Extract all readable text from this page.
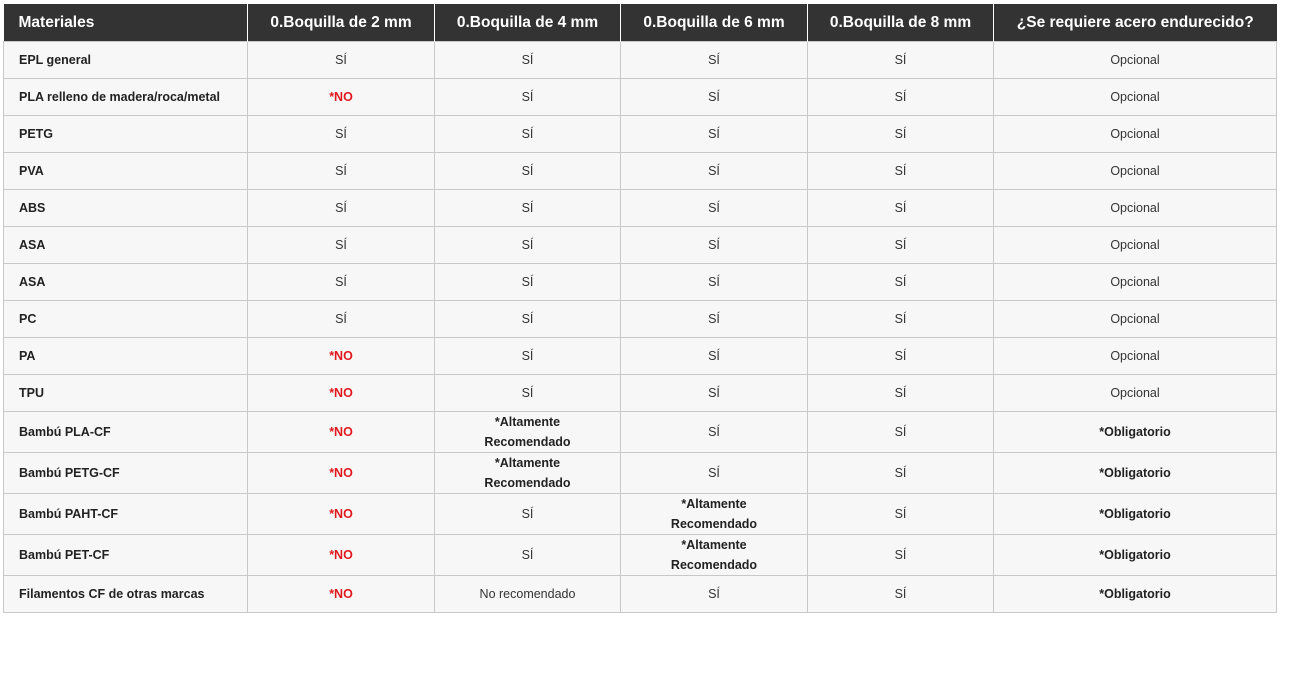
Materiales	0.Boquilla de 2 mm	0.Boquilla de 4 mm	0.Boquilla de 6 mm	0.Boquilla de 8 mm	¿Se requiere acero endurecido?
EPL general	SÍ	SÍ	SÍ	SÍ	Opcional
PLA relleno de madera/roca/metal	*NO	SÍ	SÍ	SÍ	Opcional
PETG	SÍ	SÍ	SÍ	SÍ	Opcional
PVA	SÍ	SÍ	SÍ	SÍ	Opcional
ABS	SÍ	SÍ	SÍ	SÍ	Opcional
ASA	SÍ	SÍ	SÍ	SÍ	Opcional
ASA	SÍ	SÍ	SÍ	SÍ	Opcional
PC	SÍ	SÍ	SÍ	SÍ	Opcional
PA	*NO	SÍ	SÍ	SÍ	Opcional
TPU	*NO	SÍ	SÍ	SÍ	Opcional
Bambú PLA-CF	*NO	*Altamente Recomendado	SÍ	SÍ	*Obligatorio
Bambú PETG-CF	*NO	*Altamente Recomendado	SÍ	SÍ	*Obligatorio
Bambú PAHT-CF	*NO	SÍ	*Altamente Recomendado	SÍ	*Obligatorio
Bambú PET-CF	*NO	SÍ	*Altamente Recomendado	SÍ	*Obligatorio
Filamentos CF de otras marcas	*NO	No recomendado	SÍ	SÍ	*Obligatorio
